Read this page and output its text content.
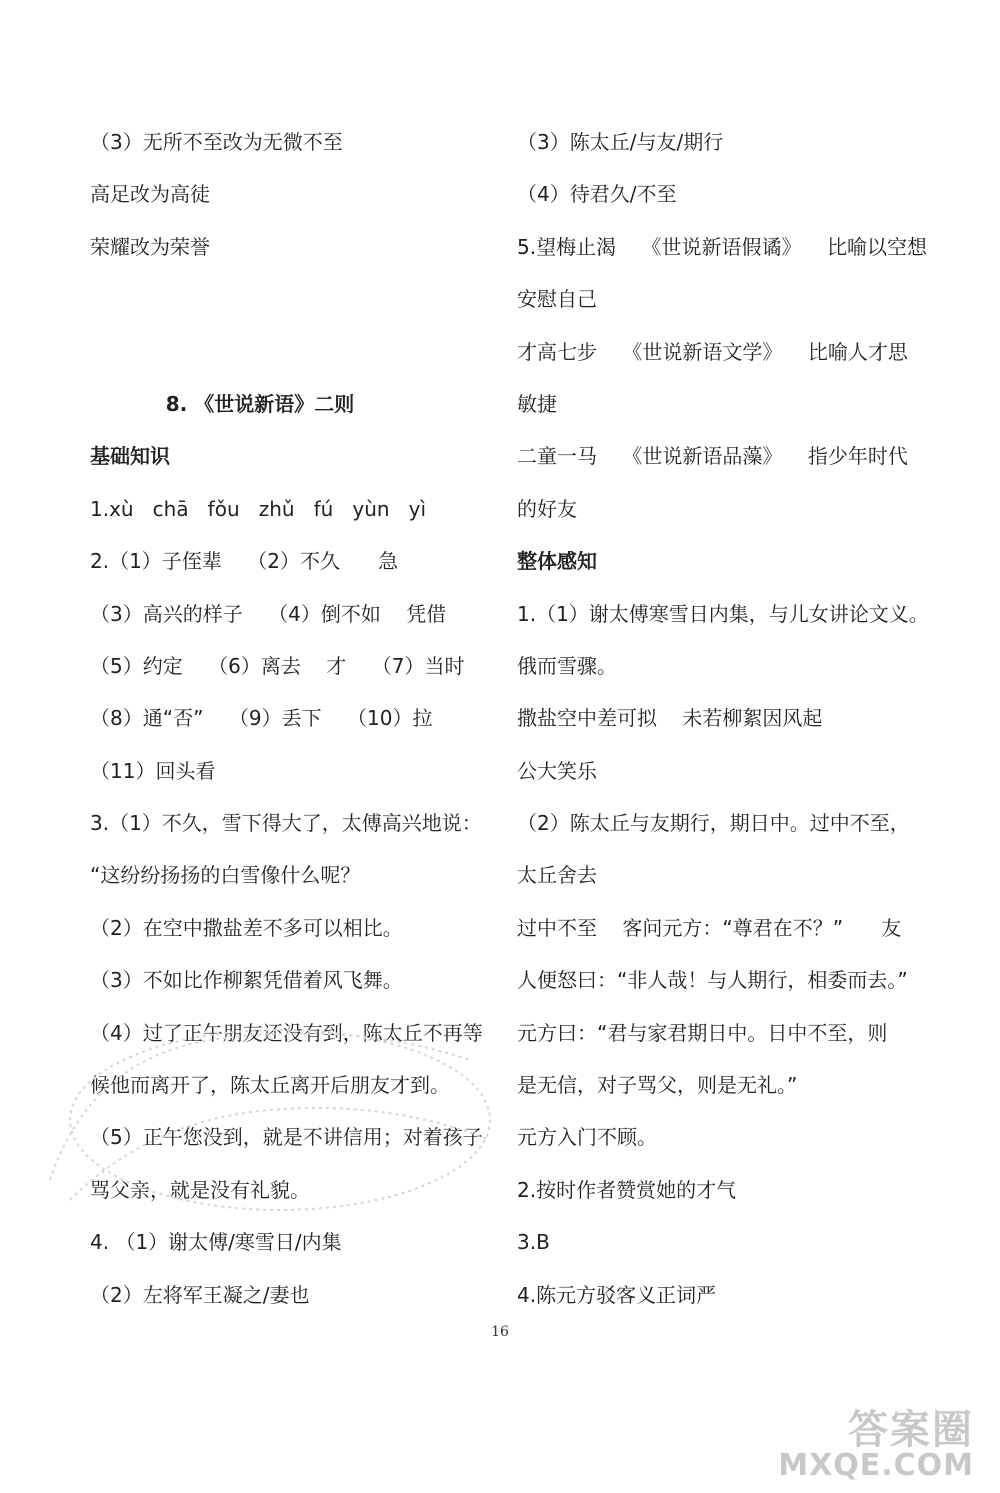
（3）无所不至改为无微不至
高足改为高徒
荣耀改为荣誉
8. 《世说新语》二则
基础知识
1.xù   chā   fǒu   zhǔ   fú   yùn   yì
2.（1）子侄辈    （2）不久      急
（3）高兴的样子    （4）倒不如    凭借
（5）约定    （6）离去    才    （7）当时
（8）通“否”    （9）丢下    （10）拉
（11）回头看
3.（1）不久，雪下得大了，太傅高兴地说：
“这纷纷扬扬的白雪像什么呢？
（2）在空中撒盐差不多可以相比。
（3）不如比作柳絮凭借着风飞舞。
（4）过了正午朋友还没有到，陈太丘不再等
候他而离开了，陈太丘离开后朋友才到。
（5）正午您没到，就是不讲信用；对着孩子
骂父亲，就是没有礼貌。
4. （1）谢太傅/寒雪日/内集
（2）左将军王凝之/妻也
（3）陈太丘/与友/期行
（4）待君久/不至
5.望梅止渴    《世说新语假谲》    比喻以空想
安慰自己
才高七步    《世说新语文学》    比喻人才思
敏捷
二童一马    《世说新语品藻》    指少年时代
的好友
整体感知
1.（1）谢太傅寒雪日内集，与儿女讲论文义。
俄而雪骤。
撒盐空中差可拟    未若柳絮因风起
公大笑乐
（2）陈太丘与友期行，期日中。过中不至，
太丘舍去
过中不至    客问元方：“尊君在不？”      友
人便怒曰：“非人哉！与人期行，相委而去。”
元方曰：“君与家君期日中。日中不至，则
是无信，对子骂父，则是无礼。”
元方入门不顾。
2.按时作者赞赏她的才气
3.B
4.陈元方驳客义正词严
16
答案圈
MXQE.COM
